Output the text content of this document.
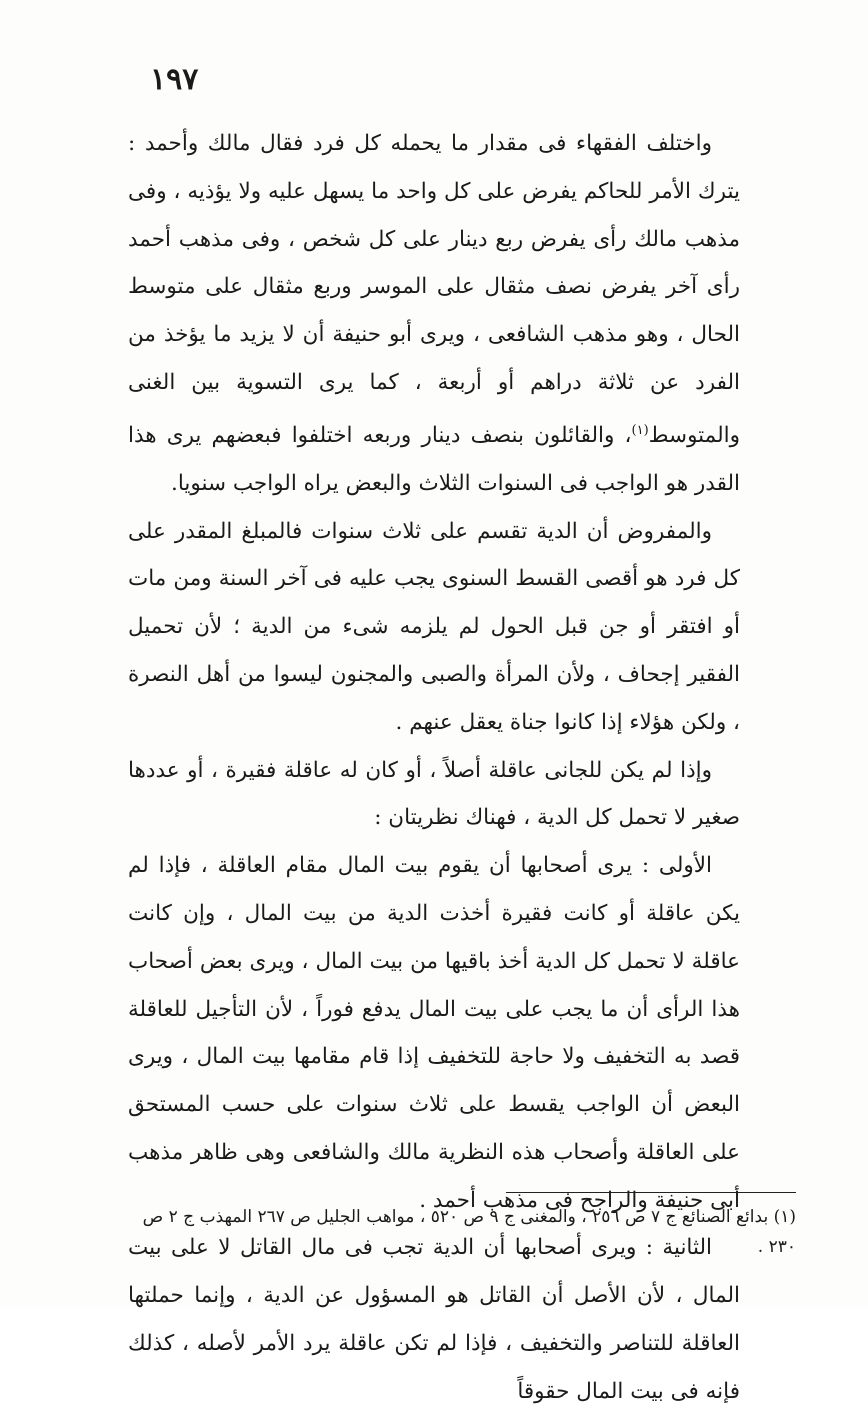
١٩٧

واختلف الفقهاء فى مقدار ما يحمله كل فرد فقال مالك وأحمد : يترك الأمر للحاكم يفرض على كل واحد ما يسهل عليه ولا يؤذيه ، وفى مذهب مالك رأى يفرض ربع دينار على كل شخص ، وفى مذهب أحمد رأى آخر يفرض نصف مثقال على الموسر وربع مثقال على متوسط الحال ، وهو مذهب الشافعى ، ويرى أبو حنيفة أن لا يزيد ما يؤخذ من الفرد عن ثلاثة دراهم أو أربعة ، كما يرى التسوية بين الغنى والمتوسط$^{(١)}$، والقائلون بنصف دينار وربعه اختلفوا فبعضهم يرى هذا القدر هو الواجب فى السنوات الثلاث والبعض يراه الواجب سنويا.

والمفروض أن الدية تقسم على ثلاث سنوات فالمبلغ المقدر على كل فرد هو أقصى القسط السنوى يجب عليه فى آخر السنة ومن مات أو افتقر أو جن قبل الحول لم يلزمه شىء من الدية ؛ لأن تحميل الفقير إجحاف ، ولأن المرأة والصبى والمجنون ليسوا من أهل النصرة ، ولكن هؤلاء إذا كانوا جناة يعقل عنهم .

وإذا لم يكن للجانى عاقلة أصلاً ، أو كان له عاقلة فقيرة ، أو عددها صغير لا تحمل كل الدية ، فهناك نظريتان :

الأولى : يرى أصحابها أن يقوم بيت المال مقام العاقلة ، فإذا لم يكن عاقلة أو كانت فقيرة أخذت الدية من بيت المال ، وإن كانت عاقلة لا تحمل كل الدية أخذ باقيها من بيت المال ، ويرى بعض أصحاب هذا الرأى أن ما يجب على بيت المال يدفع فوراً ، لأن التأجيل للعاقلة قصد به التخفيف ولا حاجة للتخفيف إذا قام مقامها بيت المال ، ويرى البعض أن الواجب يقسط على ثلاث سنوات على حسب المستحق على العاقلة وأصحاب هذه النظرية مالك والشافعى وهى ظاهر مذهب أبى حنيفة والراجح فى مذهب أحمد .

الثانية : ويرى أصحابها أن الدية تجب فى مال القاتل لا على بيت المال ، لأن الأصل أن القاتل هو المسؤول عن الدية ، وإنما حملتها العاقلة للتناصر والتخفيف ، فإذا لم تكن عاقلة يرد الأمر لأصله ، كذلك فإنه فى بيت المال حقوقاً

(١) بدائع الصنائع ج ٧ ص ٢٥٦ ، والمغنى ج ٩ ص ٥٢٠ ، مواهب الجليل ص ٢٦٧ المهذب ج ٢ ص ٢٣٠ .
